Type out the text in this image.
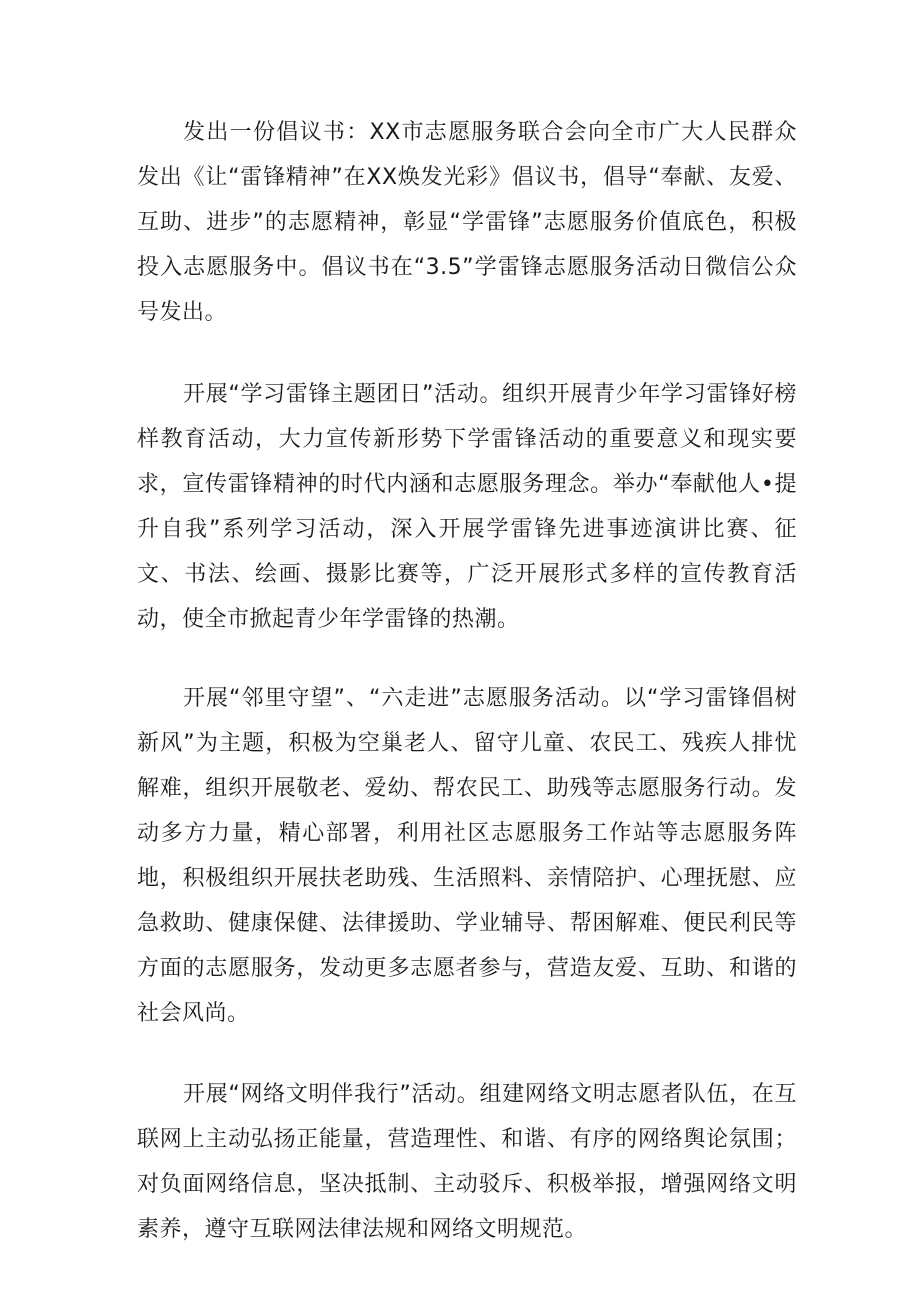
发出一份倡议书：XX市志愿服务联合会向全市广大人民群众发出《让“雷锋精神”在XX焕发光彩》倡议书，倡导“奉献、友爱、互助、进步”的志愿精神，彰显“学雷锋”志愿服务价值底色，积极投入志愿服务中。倡议书在“3.5”学雷锋志愿服务活动日微信公众号发出。

开展“学习雷锋主题团日”活动。组织开展青少年学习雷锋好榜样教育活动，大力宣传新形势下学雷锋活动的重要意义和现实要求，宣传雷锋精神的时代内涵和志愿服务理念。举办“奉献他人•提升自我”系列学习活动，深入开展学雷锋先进事迹演讲比赛、征文、书法、绘画、摄影比赛等，广泛开展形式多样的宣传教育活动，使全市掀起青少年学雷锋的热潮。

开展“邻里守望”、“六走进”志愿服务活动。以“学习雷锋倡树新风”为主题，积极为空巢老人、留守儿童、农民工、残疾人排忧解难，组织开展敬老、爱幼、帮农民工、助残等志愿服务行动。发动多方力量，精心部署，利用社区志愿服务工作站等志愿服务阵地，积极组织开展扶老助残、生活照料、亲情陪护、心理抚慰、应急救助、健康保健、法律援助、学业辅导、帮困解难、便民利民等方面的志愿服务，发动更多志愿者参与，营造友爱、互助、和谐的社会风尚。

开展“网络文明伴我行”活动。组建网络文明志愿者队伍，在互联网上主动弘扬正能量，营造理性、和谐、有序的网络舆论氛围；对负面网络信息，坚决抵制、主动驳斥、积极举报，增强网络文明素养，遵守互联网法律法规和网络文明规范。
